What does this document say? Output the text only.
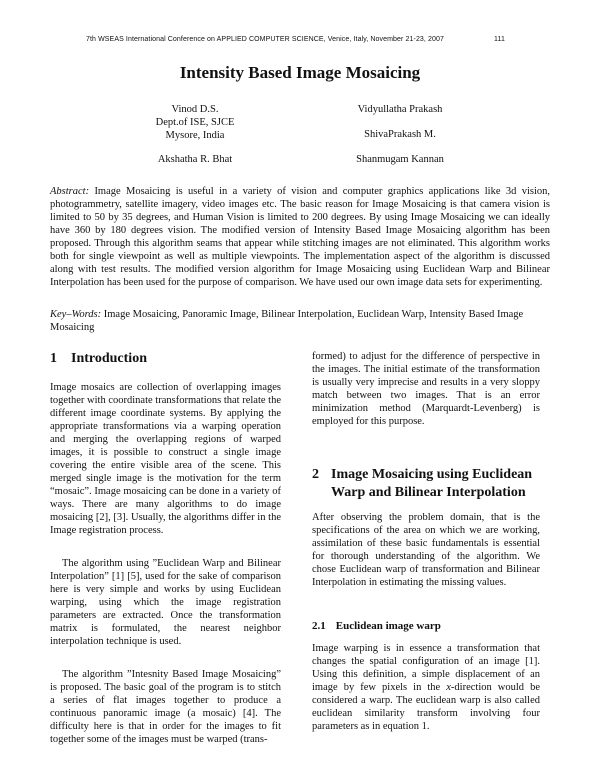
7th WSEAS International Conference on APPLIED COMPUTER SCIENCE, Venice, Italy, November 21-23, 2007	111
Intensity Based Image Mosaicing
Vinod D.S.
Dept.of ISE, SJCE
Mysore, India
Akshatha R. Bhat
Vidyullatha Prakash
ShivaPrakash M.
Shanmugam Kannan
Abstract: Image Mosaicing is useful in a variety of vision and computer graphics applications like 3d vision, photogrammetry, satellite imagery, video images etc. The basic reason for Image Mosaicing is that camera vision is limited to 50 by 35 degrees, and Human Vision is limited to 200 degrees. By using Image Mosaicing we can ideally have 360 by 180 degrees vision. The modified version of Intensity Based Image Mosaicing algorithm has been proposed. Through this algorithm seams that appear while stitching images are not eliminated. This algorithm works both for single viewpoint as well as multiple viewpoints. The implementation aspect of the algorithm is discussed along with test results. The modified version algorithm for Image Mosaicing using Euclidean Warp and Bilinear Interpolation has been used for the purpose of comparison. We have used our own image data sets for experimenting.
Key–Words: Image Mosaicing, Panoramic Image, Bilinear Interpolation, Euclidean Warp, Intensity Based Image Mosaicing
1 Introduction

Image mosaics are collection of overlapping images together with coordinate transformations that relate the different image coordinate systems. By applying the appropriate transformations via a warping operation and merging the overlapping regions of warped images, it is possible to construct a single image covering the entire visible area of the scene. This merged single image is the motivation for the term “mosaic”. Image mosaicing can be done in a variety of ways. There are many algorithms to do image mosaicing [2], [3]. Usually, the algorithms differ in the Image registration process.

The algorithm using ”Euclidean Warp and Bilinear Interpolation” [1] [5], used for the sake of comparison here is very simple and works by using Euclidean warping, using which the image registration parameters are extracted. Once the transformation matrix is formulated, the nearest neighbor interpolation technique is used.

The algorithm ”Intesnity Based Image Mosaicing” is proposed. The basic goal of the program is to stitch a series of flat images together to produce a continuous panoramic image (a mosaic) [4]. The difficulty here is that in order for the images to fit together some of the images must be warped (trans-

formed) to adjust for the difference of perspective in the images. The initial estimate of the transformation is usually very imprecise and results in a very sloppy match between two images. That is an error minimization method (Marquardt-Levenberg) is employed for this purpose.

2 Image Mosaicing using Euclidean
Warp and Bilinear Interpolation

After observing the problem domain, that is the specifications of the area on which we are working, assimilation of these basic fundamentals is essential for thorough understanding of the algorithm. We chose Euclidean warp of transformation and Bilinear Interpolation in estimating the missing values.

2.1 Euclidean image warp

Image warping is in essence a transformation that changes the spatial configuration of an image [1]. Using this definition, a simple displacement of an image by few pixels in the x-direction would be considered a warp. The euclidean warp is also called euclidean similarity transform involving four parameters as in equation 1.
